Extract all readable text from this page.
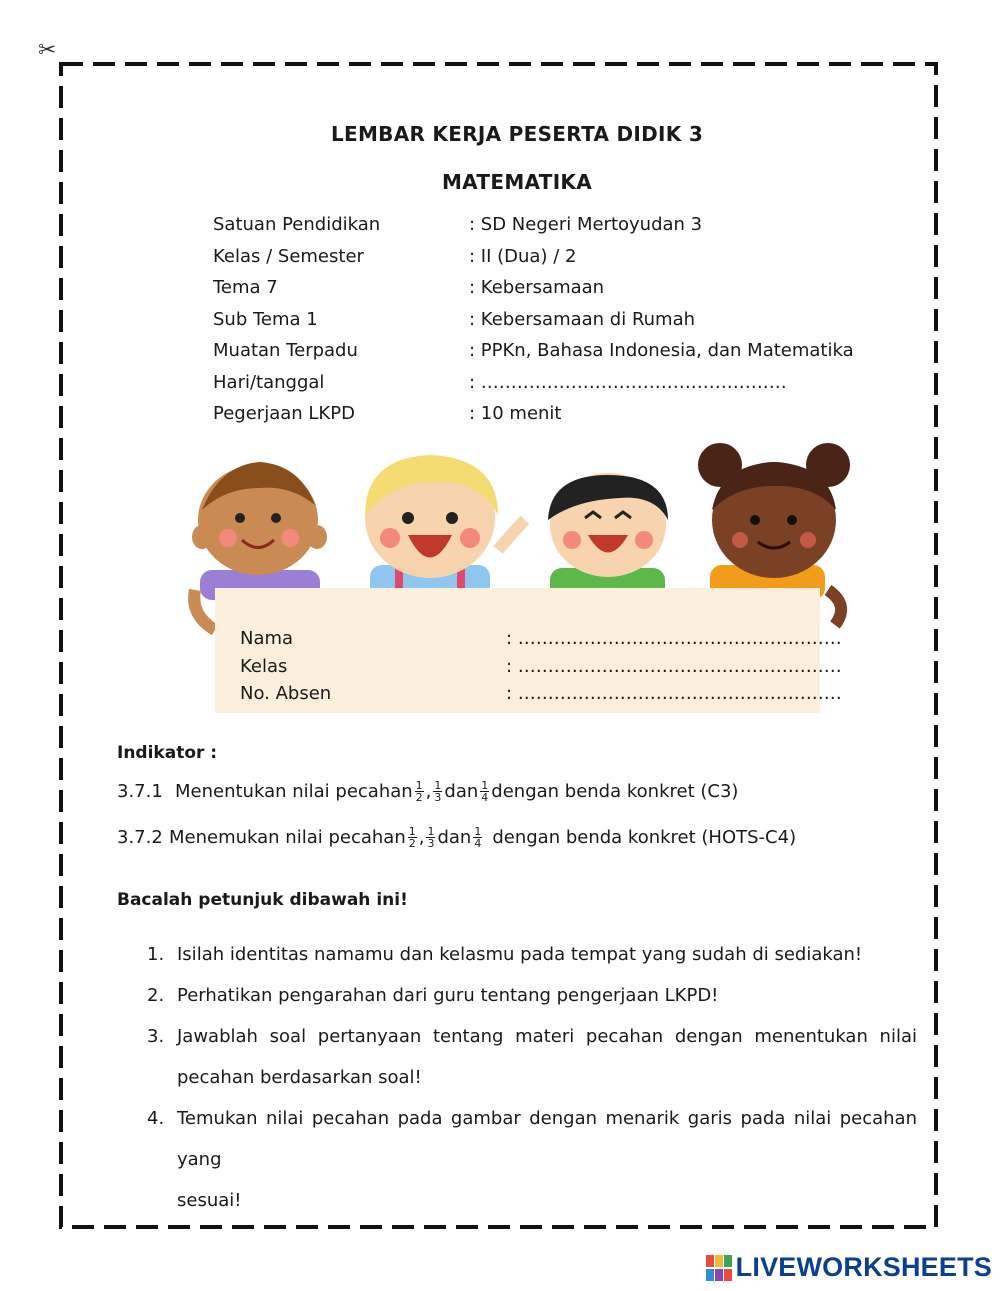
✂
LEMBAR KERJA PESERTA DIDIK 3
MATEMATIKA
Satuan Pendidikan	: SD Negeri Mertoyudan 3
Kelas / Semester	: II (Dua) / 2
Tema 7	: Kebersamaan
Sub Tema 1	: Kebersamaan di Rumah
Muatan Terpadu	: PPKn, Bahasa Indonesia, dan Matematika
Hari/tanggal	: ……………………………………………
Pegerjaan LKPD	: 10 menit
Nama	: ………………………………………………
Kelas	: ………………………………………………
No. Absen	: ………………………………………………
Indikator :
3.7.1 Menentukan nilai pecahan $\frac{1}{2}$ , $\frac{1}{3}$ dan $\frac{1}{4}$ dengan benda konkret (C3)
3.7.2 Menemukan nilai pecahan $\frac{1}{2}$ , $\frac{1}{3}$ dan $\frac{1}{4}$ dengan benda konkret (HOTS-C4)
Bacalah petunjuk dibawah ini!
1. Isilah identitas namamu dan kelasmu pada tempat yang sudah di sediakan!
2. Perhatikan pengarahan dari guru tentang pengerjaan LKPD!
3. Jawablah soal pertanyaan tentang materi pecahan dengan menentukan nilai
pecahan berdasarkan soal!
4. Temukan nilai pecahan pada gambar dengan menarik garis pada nilai pecahan yang
sesuai!
LIVEWORKSHEETS
